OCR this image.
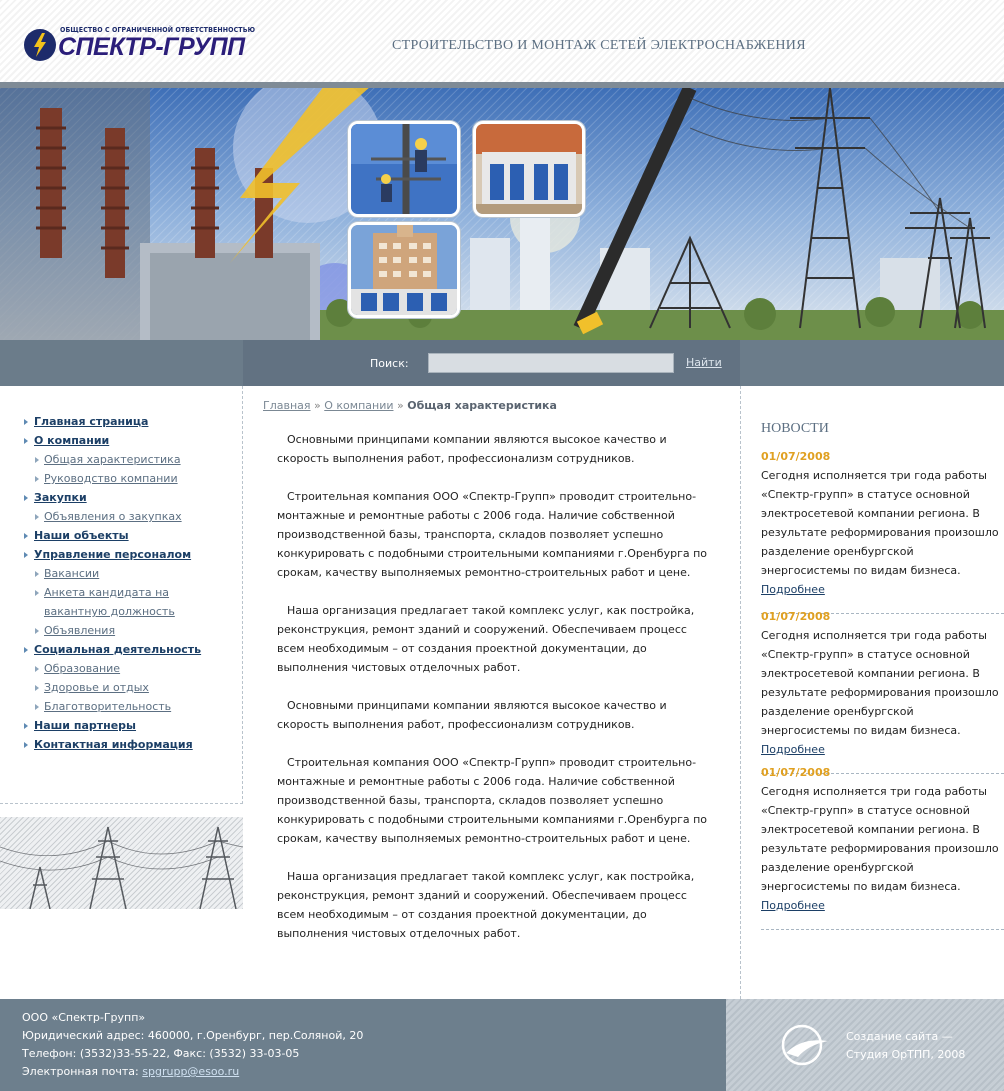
ОБЩЕСТВО С ОГРАНИЧЕННОЙ ОТВЕТСТВЕННОСТЬЮ
СПЕКТР-ГРУПП	СТРОИТЕЛЬСТВО И МОНТАЖ СЕТЕЙ ЭЛЕКТРОСНАБЖЕНИЯ
Поиск:	Найти
Главная страница
О компании
Общая характеристика
Руководство компании
Закупки
Объявления о закупках
Наши объекты
Управление персоналом
Вакансии
Анкета кандидата на вакантную должность
Объявления
Социальная деятельность
Образование
Здоровье и отдых
Благотворительность
Наши партнеры
Контактная информация
Главная » О компании » Общая характеристика

Основными принципами компании являются высокое качество и скорость выполнения работ, профессионализм сотрудников.

Строительная компания ООО «Спектр-Групп» проводит строительно-монтажные и ремонтные работы с 2006 года. Наличие собственной производственной базы, транспорта, складов позволяет успешно конкурировать с подобными строительными компаниями г.Оренбурга по срокам, качеству выполняемых ремонтно-строительных работ и цене.

Наша организация предлагает такой комплекс услуг, как постройка, реконструкция, ремонт зданий и сооружений. Обеспечиваем процесс всем необходимым – от создания проектной документации, до выполнения чистовых отделочных работ.

Основными принципами компании являются высокое качество и скорость выполнения работ, профессионализм сотрудников.

Строительная компания ООО «Спектр-Групп» проводит строительно-монтажные и ремонтные работы с 2006 года. Наличие собственной производственной базы, транспорта, складов позволяет успешно конкурировать с подобными строительными компаниями г.Оренбурга по срокам, качеству выполняемых ремонтно-строительных работ и цене.

Наша организация предлагает такой комплекс услуг, как постройка, реконструкция, ремонт зданий и сооружений. Обеспечиваем процесс всем необходимым – от создания проектной документации, до выполнения чистовых отделочных работ.

НОВОСТИ
01/07/2008
Сегодня исполняется три года работы «Спектр-групп» в статусе основной электросетевой компании региона. В результате реформирования произошло разделение оренбургской энергосистемы по видам бизнеса. Подробнее
01/07/2008
Сегодня исполняется три года работы «Спектр-групп» в статусе основной электросетевой компании региона. В результате реформирования произошло разделение оренбургской энергосистемы по видам бизнеса. Подробнее
01/07/2008
Сегодня исполняется три года работы «Спектр-групп» в статусе основной электросетевой компании региона. В результате реформирования произошло разделение оренбургской энергосистемы по видам бизнеса. Подробнее
ООО «Спектр-Групп»
Юридический адрес: 460000, г.Оренбург, пер.Соляной, 20
Телефон: (3532)33-55-22, Факс: (3532) 33-03-05
Электронная почта: spgrupp@esoo.ru
Создание сайта —
Студия ОрТПП, 2008
